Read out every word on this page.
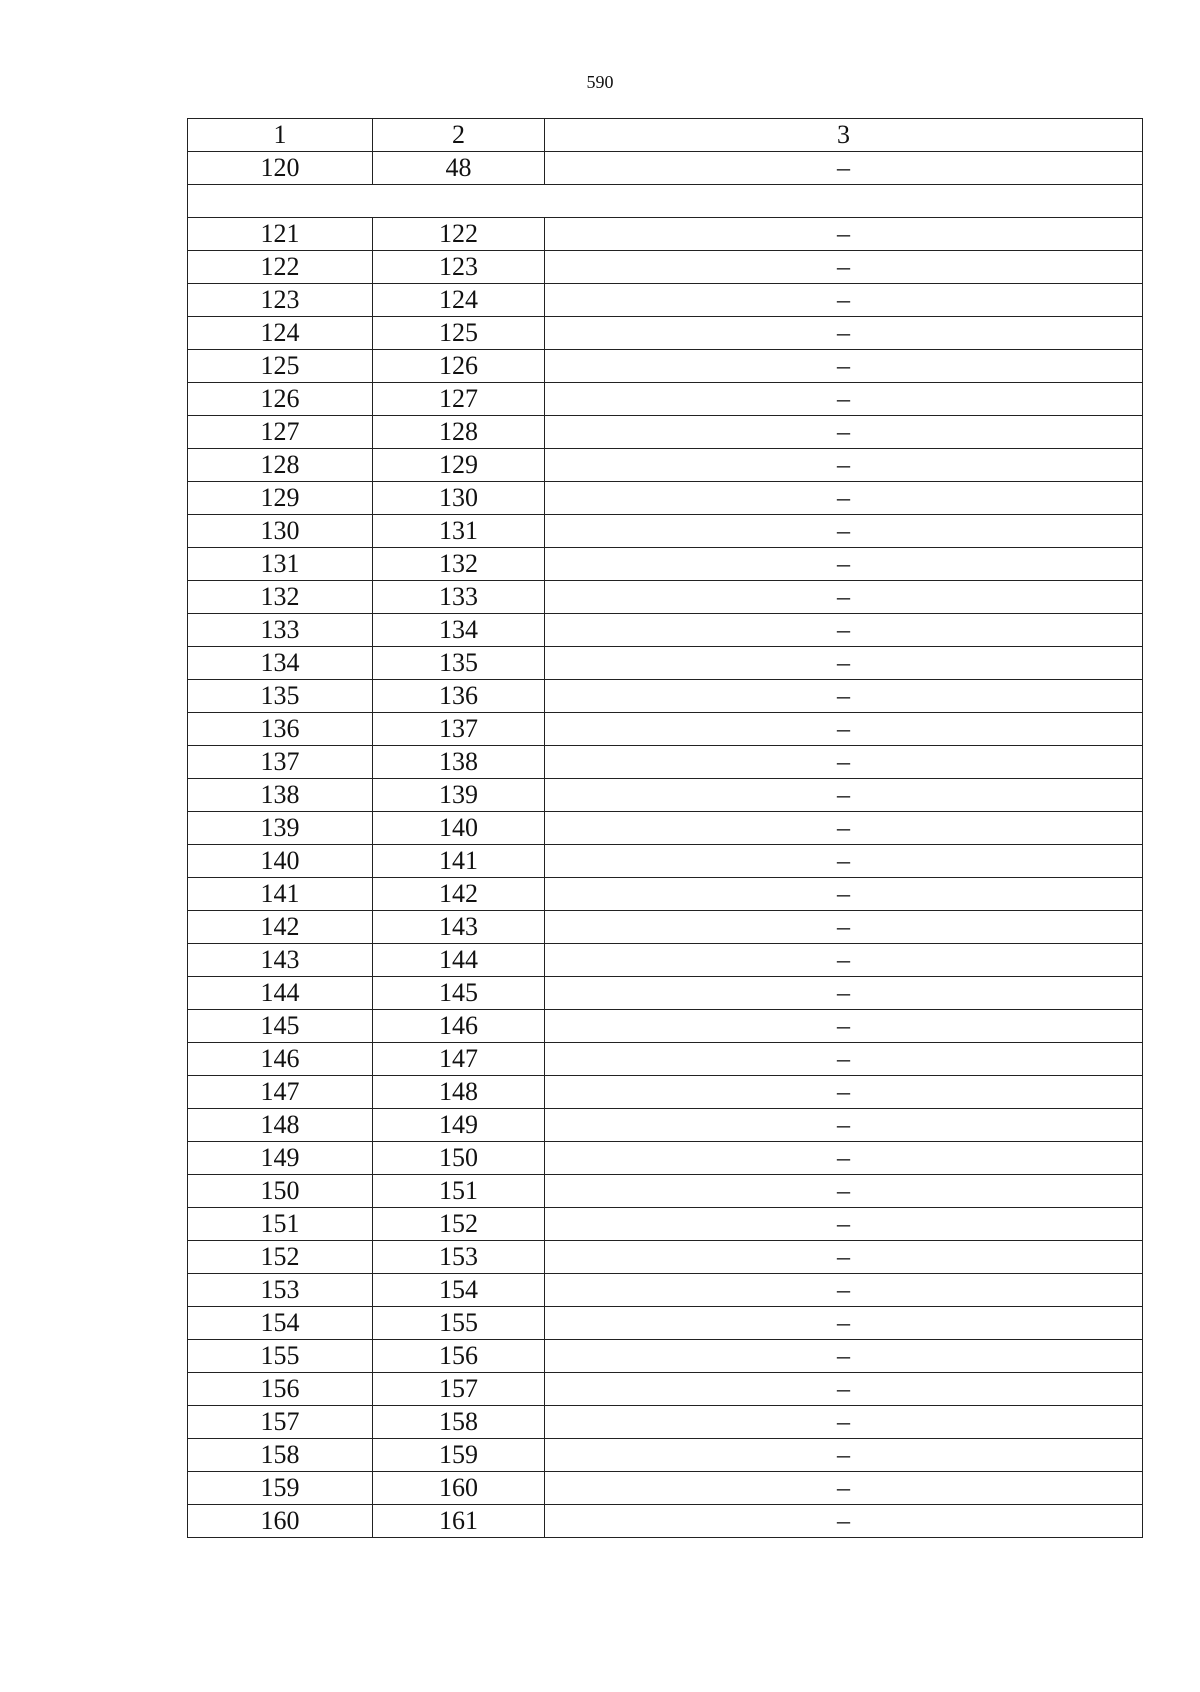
590
1	2	3
120	48	–

121	122	–
122	123	–
123	124	–
124	125	–
125	126	–
126	127	–
127	128	–
128	129	–
129	130	–
130	131	–
131	132	–
132	133	–
133	134	–
134	135	–
135	136	–
136	137	–
137	138	–
138	139	–
139	140	–
140	141	–
141	142	–
142	143	–
143	144	–
144	145	–
145	146	–
146	147	–
147	148	–
148	149	–
149	150	–
150	151	–
151	152	–
152	153	–
153	154	–
154	155	–
155	156	–
156	157	–
157	158	–
158	159	–
159	160	–
160	161	–
